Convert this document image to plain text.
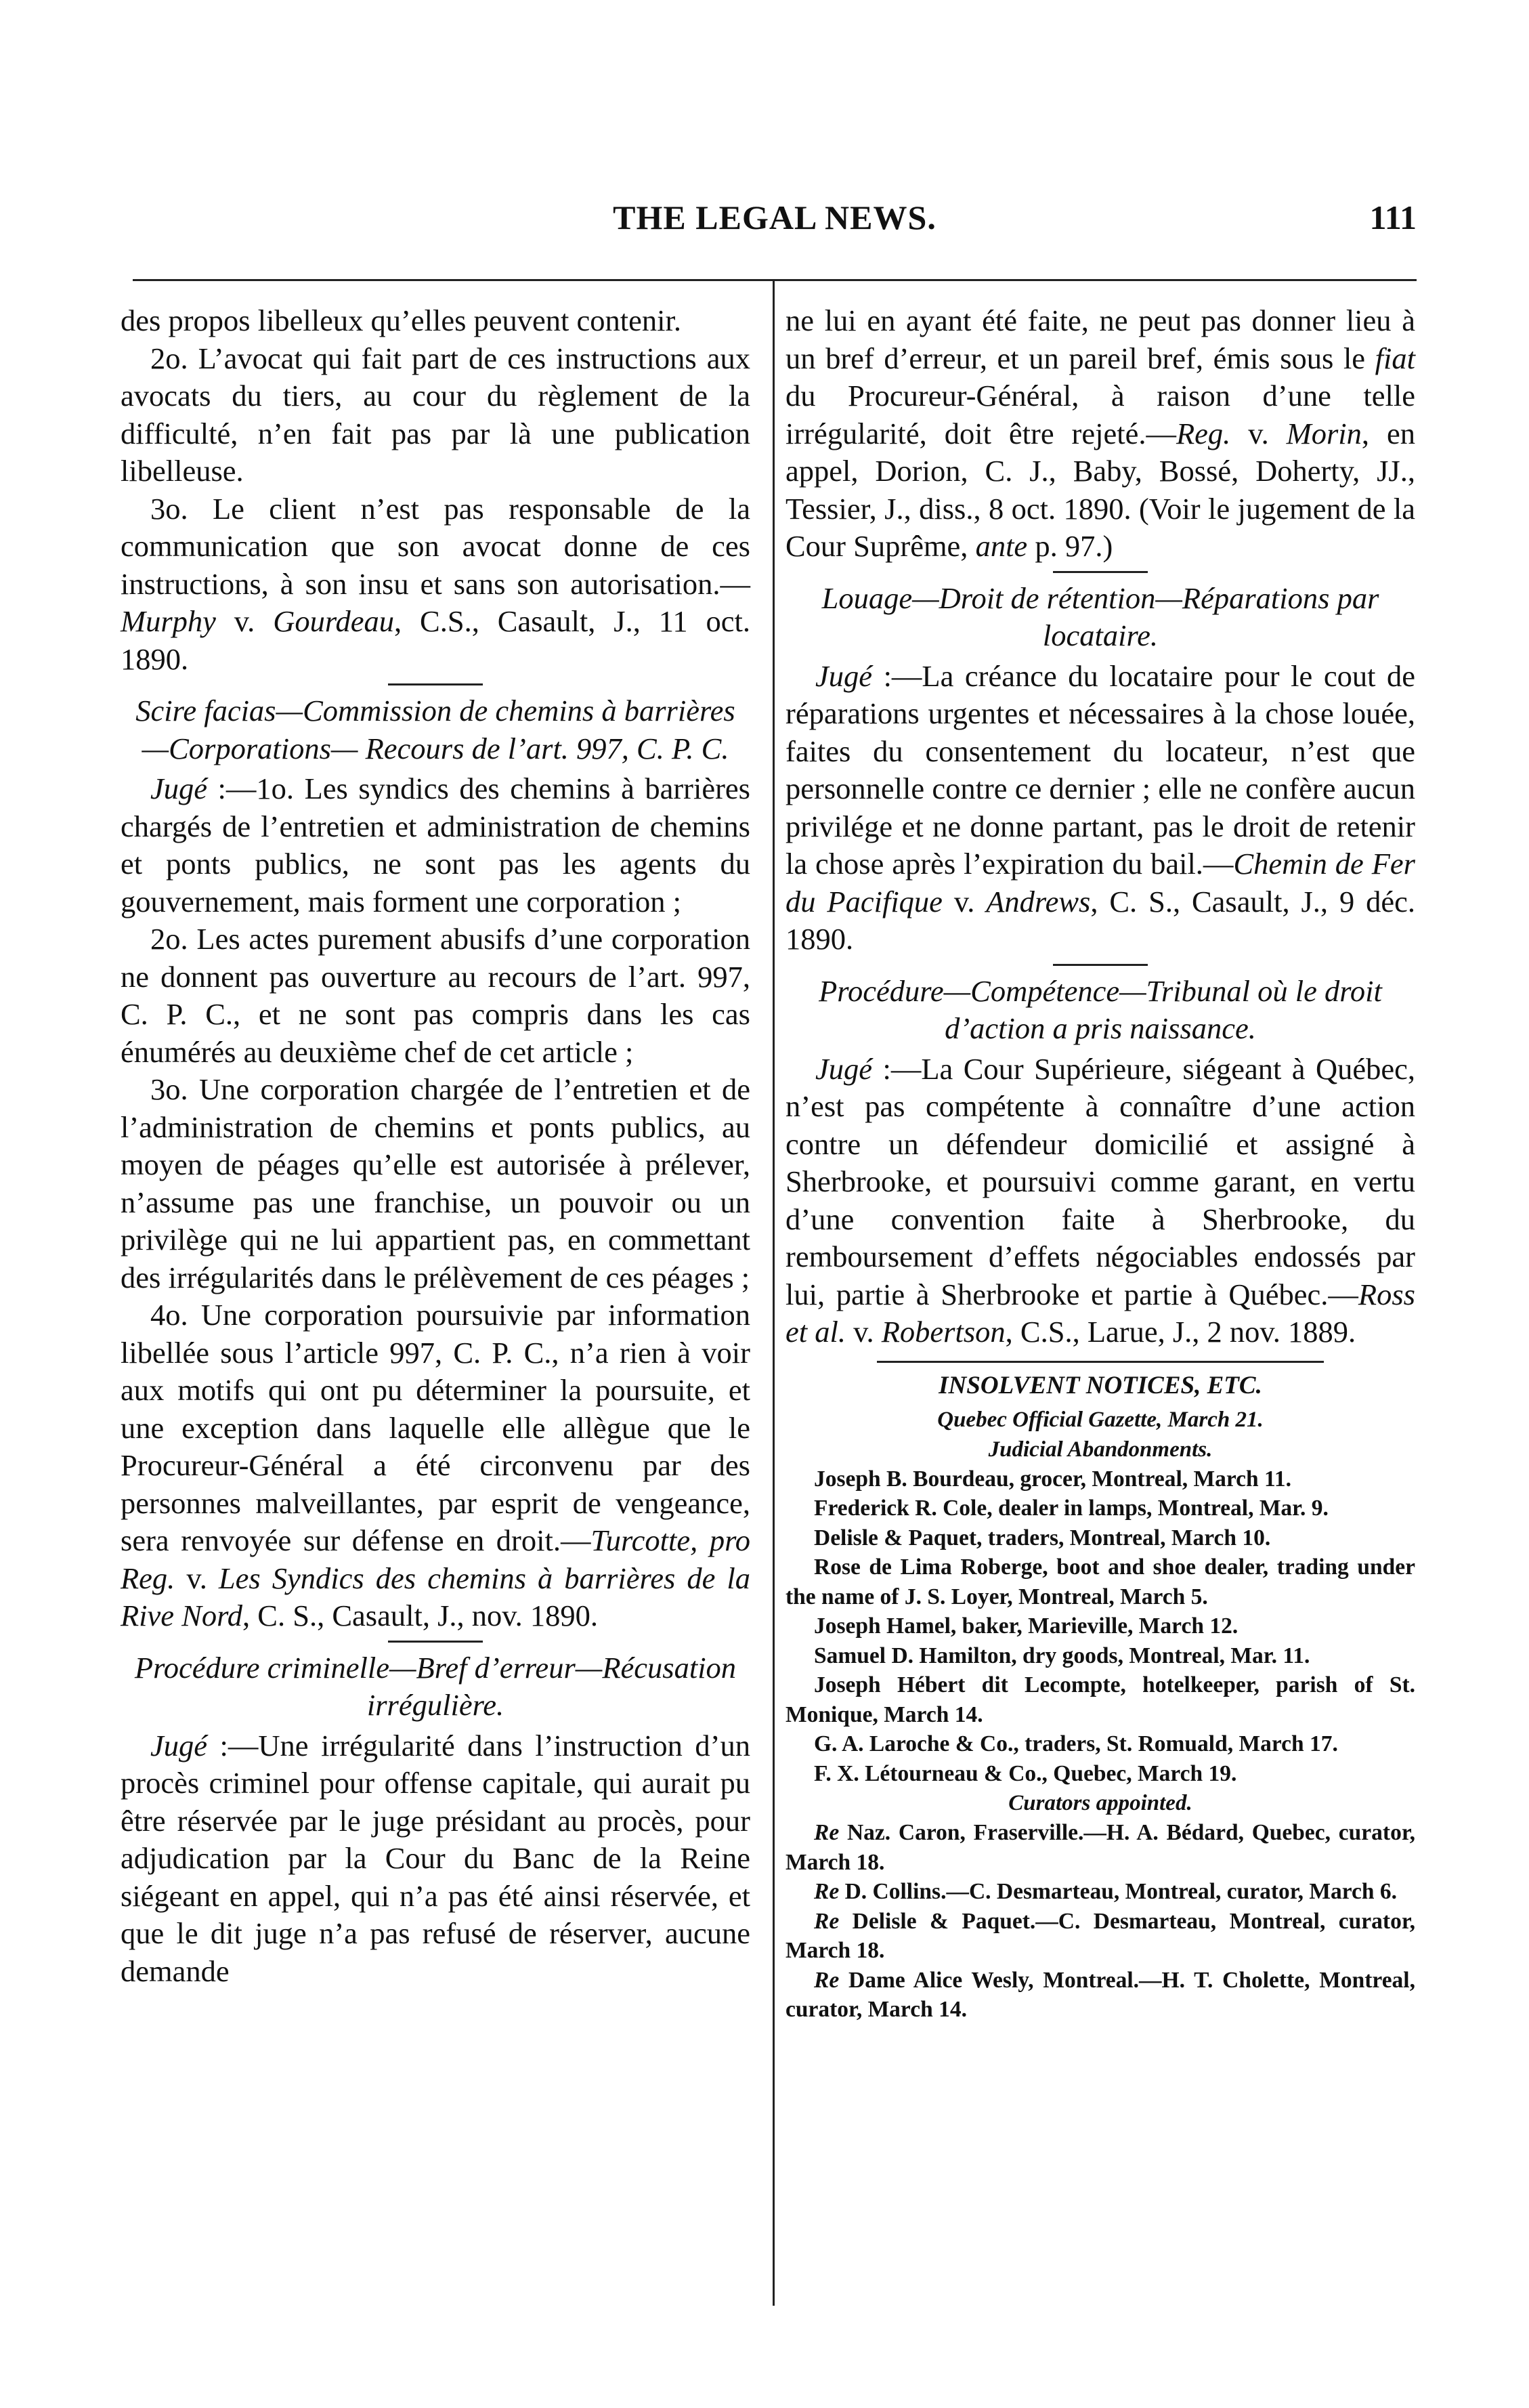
THE LEGAL NEWS.	111

des propos libelleux qu’elles peuvent contenir.

2o. L’avocat qui fait part de ces instructions aux avocats du tiers, au cour du règlement de la difficulté, n’en fait pas par là une publication libelleuse.

3o. Le client n’est pas responsable de la communication que son avocat donne de ces instructions, à son insu et sans son autorisation.—Murphy v. Gourdeau, C.S., Casault, J., 11 oct. 1890.

Scire facias—Commission de chemins à barrières —Corporations— Recours de l’art. 997, C. P. C.

Jugé :—1o. Les syndics des chemins à barrières chargés de l’entretien et administration de chemins et ponts publics, ne sont pas les agents du gouvernement, mais forment une corporation ;

2o. Les actes purement abusifs d’une corporation ne donnent pas ouverture au recours de l’art. 997, C. P. C., et ne sont pas compris dans les cas énumérés au deuxième chef de cet article ;

3o. Une corporation chargée de l’entretien et de l’administration de chemins et ponts publics, au moyen de péages qu’elle est autorisée à prélever, n’assume pas une franchise, un pouvoir ou un privilège qui ne lui appartient pas, en commettant des irrégularités dans le prélèvement de ces péages ;

4o. Une corporation poursuivie par information libellée sous l’article 997, C. P. C., n’a rien à voir aux motifs qui ont pu déterminer la poursuite, et une exception dans laquelle elle allègue que le Procureur-Général a été circonvenu par des personnes malveillantes, par esprit de vengeance, sera renvoyée sur défense en droit.—Turcotte, pro Reg. v. Les Syndics des chemins à barrières de la Rive Nord, C. S., Casault, J., nov. 1890.

Procédure criminelle—Bref d’erreur—Récusation irrégulière.

Jugé :—Une irrégularité dans l’instruction d’un procès criminel pour offense capitale, qui aurait pu être réservée par le juge présidant au procès, pour adjudication par la Cour du Banc de la Reine siégeant en appel, qui n’a pas été ainsi réservée, et que le dit juge n’a pas refusé de réserver, aucune demande

ne lui en ayant été faite, ne peut pas donner lieu à un bref d’erreur, et un pareil bref, émis sous le fiat du Procureur-Général, à raison d’une telle irrégularité, doit être rejeté.—Reg. v. Morin, en appel, Dorion, C. J., Baby, Bossé, Doherty, JJ., Tessier, J., diss., 8 oct. 1890. (Voir le jugement de la Cour Suprême, ante p. 97.)

Louage—Droit de rétention—Réparations par locataire.

Jugé :—La créance du locataire pour le cout de réparations urgentes et nécessaires à la chose louée, faites du consentement du locateur, n’est que personnelle contre ce dernier ; elle ne confère aucun privilége et ne donne partant, pas le droit de retenir la chose après l’expiration du bail.—Chemin de Fer du Pacifique v. Andrews, C. S., Casault, J., 9 déc. 1890.

Procédure—Compétence—Tribunal où le droit d’action a pris naissance.

Jugé :—La Cour Supérieure, siégeant à Québec, n’est pas compétente à connaître d’une action contre un défendeur domicilié et assigné à Sherbrooke, et poursuivi comme garant, en vertu d’une convention faite à Sherbrooke, du remboursement d’effets négociables endossés par lui, partie à Sherbrooke et partie à Québec.—Ross et al. v. Robertson, C.S., Larue, J., 2 nov. 1889.

INSOLVENT NOTICES, ETC.
Quebec Official Gazette, March 21.
Judicial Abandonments.

Joseph B. Bourdeau, grocer, Montreal, March 11.

Frederick R. Cole, dealer in lamps, Montreal, Mar. 9.

Delisle & Paquet, traders, Montreal, March 10.

Rose de Lima Roberge, boot and shoe dealer, trading under the name of J. S. Loyer, Montreal, March 5.

Joseph Hamel, baker, Marieville, March 12.

Samuel D. Hamilton, dry goods, Montreal, Mar. 11.

Joseph Hébert dit Lecompte, hotelkeeper, parish of St. Monique, March 14.

G. A. Laroche & Co., traders, St. Romuald, March 17.

F. X. Létourneau & Co., Quebec, March 19.

Curators appointed.

Re Naz. Caron, Fraserville.—H. A. Bédard, Quebec, curator, March 18.

Re D. Collins.—C. Desmarteau, Montreal, curator, March 6.

Re Delisle & Paquet.—C. Desmarteau, Montreal, curator, March 18.

Re Dame Alice Wesly, Montreal.—H. T. Cholette, Montreal, curator, March 14.
